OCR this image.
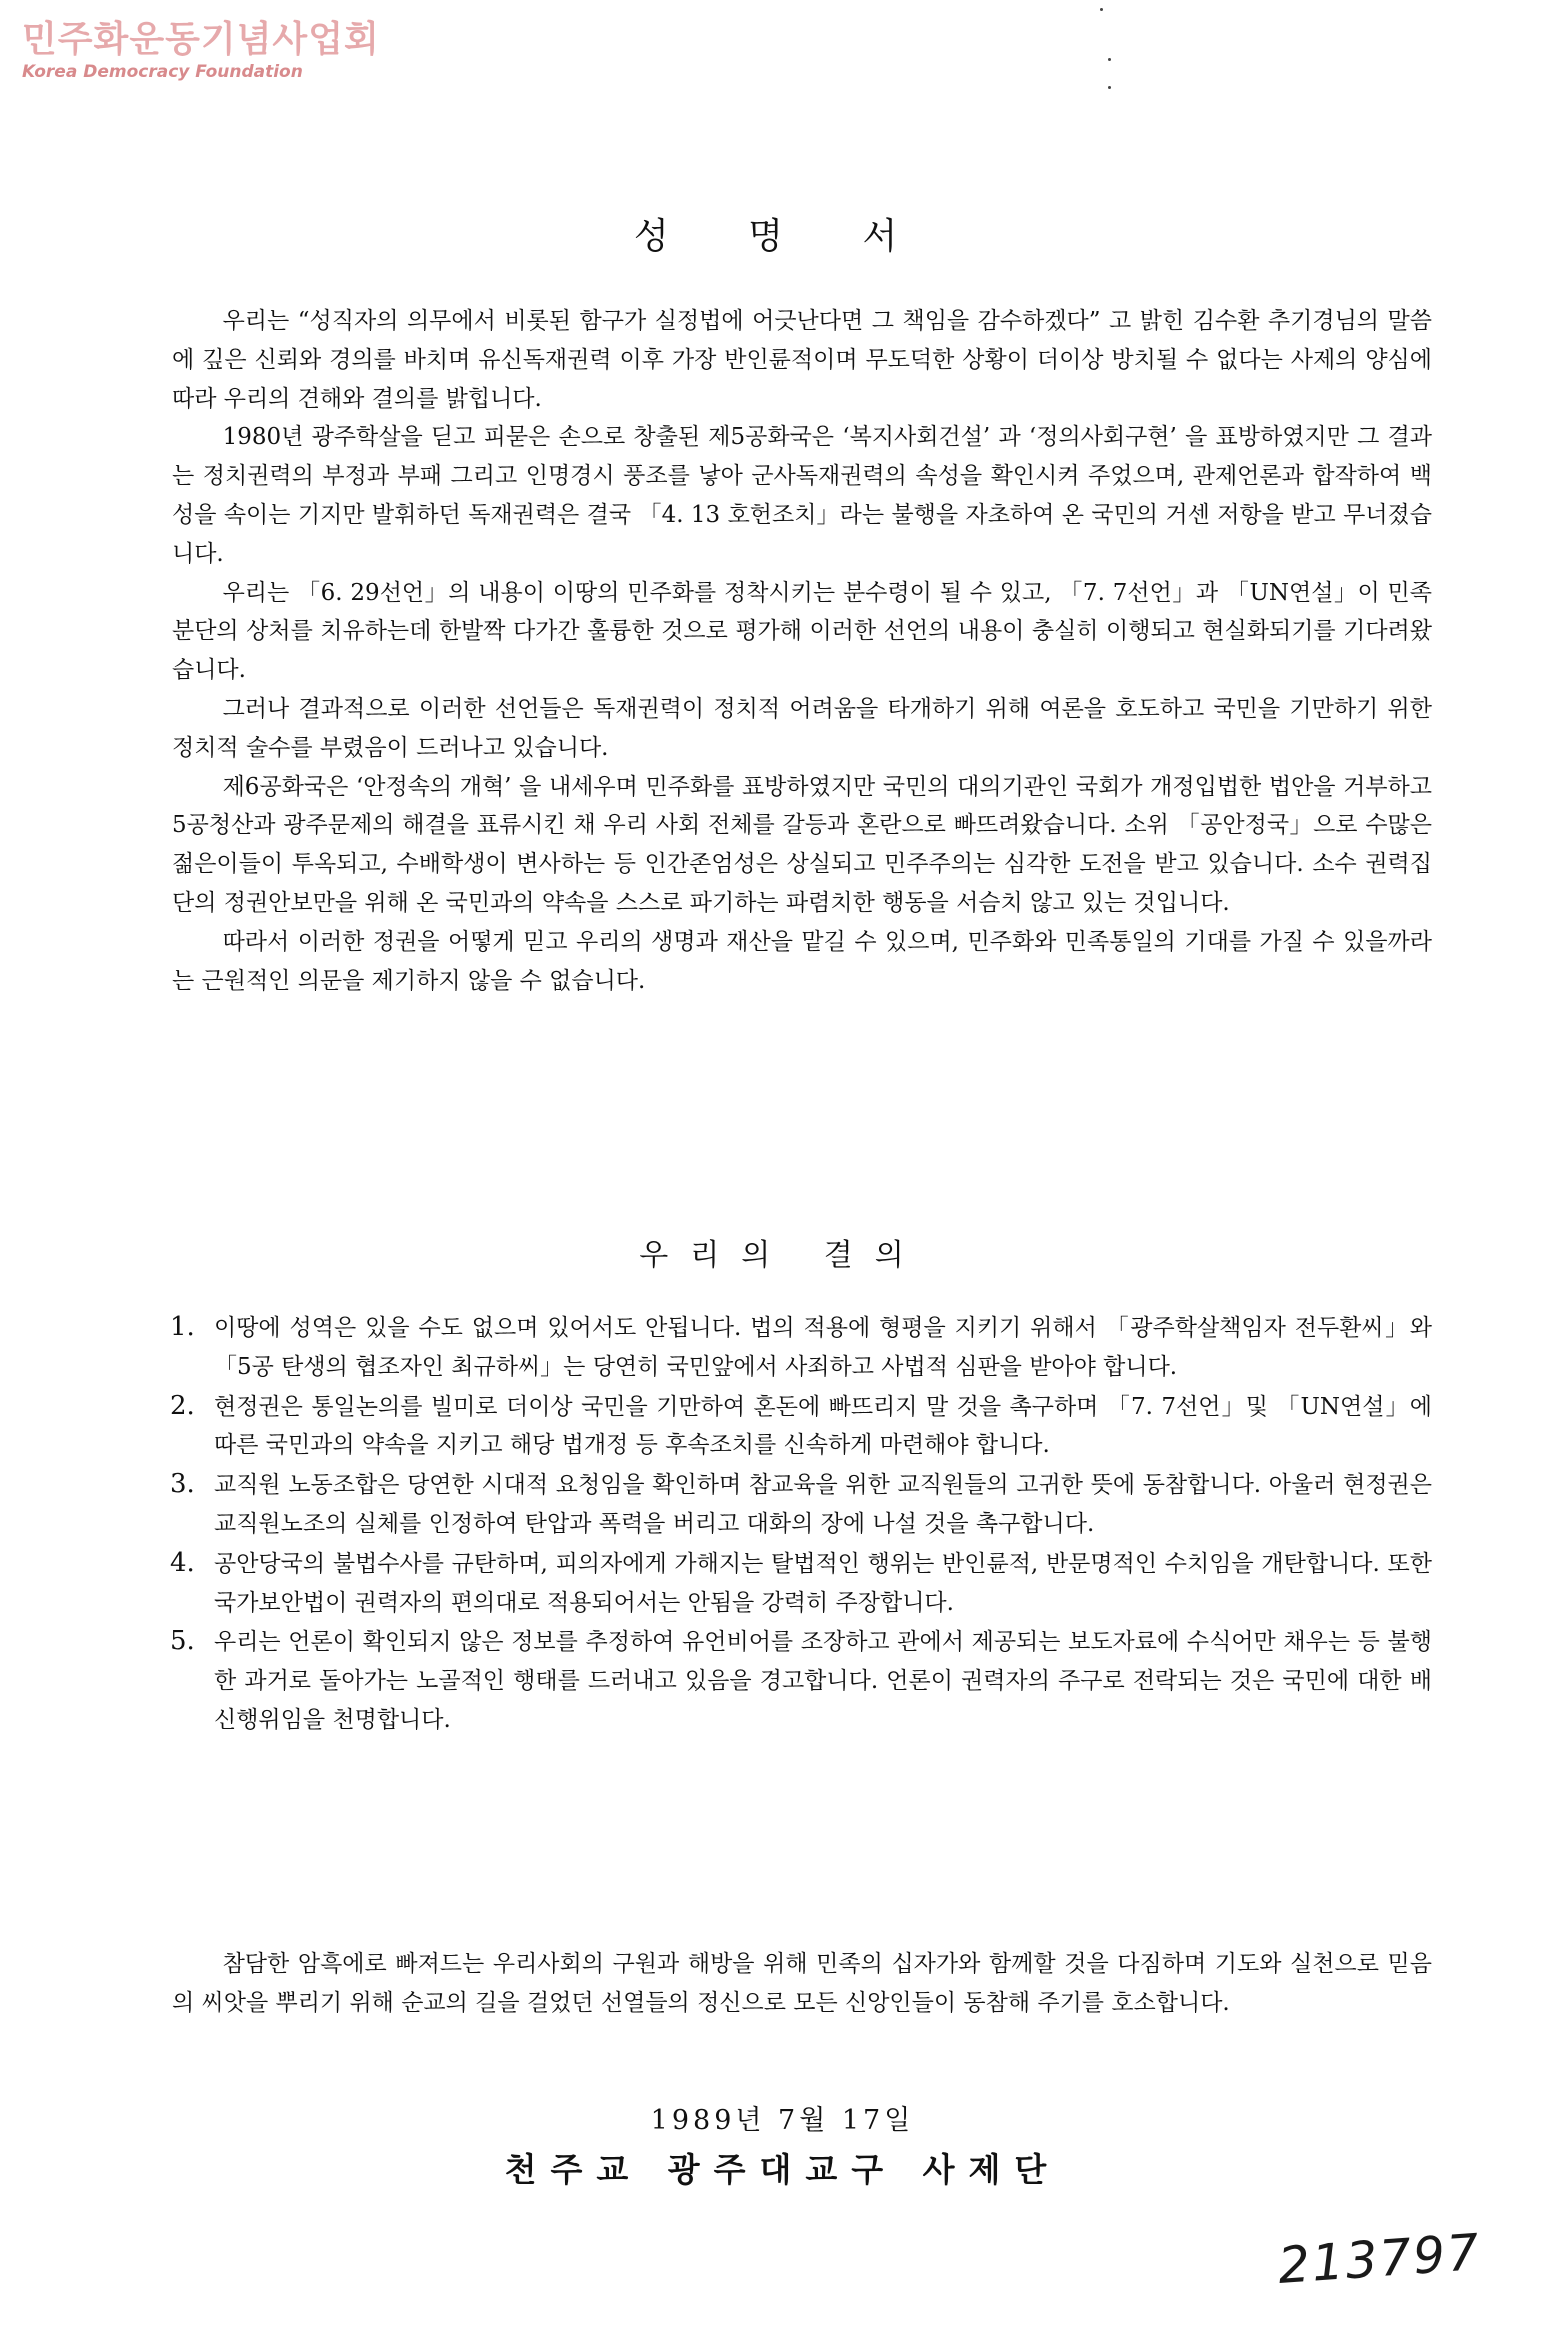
민주화운동기념사업회
Korea Democracy Foundation
성 명 서

우리는 “성직자의 의무에서 비롯된 함구가 실정법에 어긋난다면 그 책임을 감수하겠다” 고 밝힌 김수환 추기경님의 말씀에 깊은 신뢰와 경의를 바치며 유신독재권력 이후 가장 반인륜적이며 무도덕한 상황이 더이상 방치될 수 없다는 사제의 양심에 따라 우리의 견해와 결의를 밝힙니다.

1980년 광주학살을 딛고 피묻은 손으로 창출된 제5공화국은 ‘복지사회건설’ 과 ‘정의사회구현’ 을 표방하였지만 그 결과는 정치권력의 부정과 부패 그리고 인명경시 풍조를 낳아 군사독재권력의 속성을 확인시켜 주었으며, 관제언론과 합작하여 백성을 속이는 기지만 발휘하던 독재권력은 결국 「4. 13 호헌조치」라는 불행을 자초하여 온 국민의 거센 저항을 받고 무너졌습니다.

우리는 「6. 29선언」의 내용이 이땅의 민주화를 정착시키는 분수령이 될 수 있고, 「7. 7선언」과 「UN연설」이 민족분단의 상처를 치유하는데 한발짝 다가간 훌륭한 것으로 평가해 이러한 선언의 내용이 충실히 이행되고 현실화되기를 기다려왔습니다.

그러나 결과적으로 이러한 선언들은 독재권력이 정치적 어려움을 타개하기 위해 여론을 호도하고 국민을 기만하기 위한 정치적 술수를 부렸음이 드러나고 있습니다.

제6공화국은 ‘안정속의 개혁’ 을 내세우며 민주화를 표방하였지만 국민의 대의기관인 국회가 개정입법한 법안을 거부하고 5공청산과 광주문제의 해결을 표류시킨 채 우리 사회 전체를 갈등과 혼란으로 빠뜨려왔습니다. 소위 「공안정국」으로 수많은 젊은이들이 투옥되고, 수배학생이 변사하는 등 인간존엄성은 상실되고 민주주의는 심각한 도전을 받고 있습니다. 소수 권력집단의 정권안보만을 위해 온 국민과의 약속을 스스로 파기하는 파렴치한 행동을 서슴치 않고 있는 것입니다.

따라서 이러한 정권을 어떻게 믿고 우리의 생명과 재산을 맡길 수 있으며, 민주화와 민족통일의 기대를 가질 수 있을까라는 근원적인 의문을 제기하지 않을 수 없습니다.

우리의 결의
1. 이땅에 성역은 있을 수도 없으며 있어서도 안됩니다. 법의 적용에 형평을 지키기 위해서 「광주학살책임자 전두환씨」와 「5공 탄생의 협조자인 최규하씨」는 당연히 국민앞에서 사죄하고 사법적 심판을 받아야 합니다.
2. 현정권은 통일논의를 빌미로 더이상 국민을 기만하여 혼돈에 빠뜨리지 말 것을 촉구하며 「7. 7선언」및 「UN연설」에 따른 국민과의 약속을 지키고 해당 법개정 등 후속조치를 신속하게 마련해야 합니다.
3. 교직원 노동조합은 당연한 시대적 요청임을 확인하며 참교육을 위한 교직원들의 고귀한 뜻에 동참합니다. 아울러 현정권은 교직원노조의 실체를 인정하여 탄압과 폭력을 버리고 대화의 장에 나설 것을 촉구합니다.
4. 공안당국의 불법수사를 규탄하며, 피의자에게 가해지는 탈법적인 행위는 반인륜적, 반문명적인 수치임을 개탄합니다. 또한 국가보안법이 권력자의 편의대로 적용되어서는 안됨을 강력히 주장합니다.
5. 우리는 언론이 확인되지 않은 정보를 추정하여 유언비어를 조장하고 관에서 제공되는 보도자료에 수식어만 채우는 등 불행한 과거로 돌아가는 노골적인 행태를 드러내고 있음을 경고합니다. 언론이 권력자의 주구로 전락되는 것은 국민에 대한 배신행위임을 천명합니다.

참담한 암흑에로 빠져드는 우리사회의 구원과 해방을 위해 민족의 십자가와 함께할 것을 다짐하며 기도와 실천으로 믿음의 씨앗을 뿌리기 위해 순교의 길을 걸었던 선열들의 정신으로 모든 신앙인들이 동참해 주기를 호소합니다.

1989년 7월 17일
천주교 광주대교구 사제단
213797
